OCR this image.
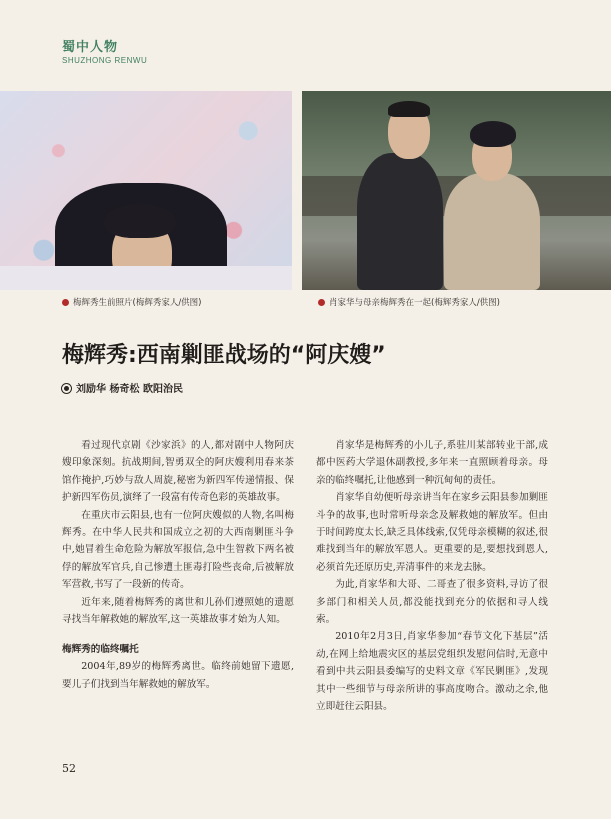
蜀中人物
SHUZHONG RENWU
梅辉秀生前照片(梅辉秀家人/供图)	肖家华与母亲梅辉秀在一起(梅辉秀家人/供图)
梅辉秀:西南剿匪战场的“阿庆嫂”
刘励华 杨奇松 欧阳治民

看过现代京剧《沙家浜》的人,都对剧中人物阿庆嫂印象深刻。抗战期间,智勇双全的阿庆嫂利用春来茶馆作掩护,巧妙与敌人周旋,秘密为新四军传递情报、保护新四军伤员,演绎了一段富有传奇色彩的英雄故事。

在重庆市云阳县,也有一位阿庆嫂似的人物,名叫梅辉秀。在中华人民共和国成立之初的大西南剿匪斗争中,她冒着生命危险为解放军报信,急中生智救下两名被俘的解放军官兵,自己惨遭土匪毒打险些丧命,后被解放军营救,书写了一段新的传奇。

近年来,随着梅辉秀的离世和儿孙们遵照她的遗愿寻找当年解救她的解放军,这一英雄故事才始为人知。

梅辉秀的临终嘱托

2004年,89岁的梅辉秀离世。临终前她留下遗愿,要儿子们找到当年解救她的解放军。

肖家华是梅辉秀的小儿子,系驻川某部转业干部,成都中医药大学退休副教授,多年来一直照顾着母亲。母亲的临终嘱托,让他感到一种沉甸甸的责任。

肖家华自幼便听母亲讲当年在家乡云阳县参加剿匪斗争的故事,也时常听母亲念及解救她的解放军。但由于时间跨度太长,缺乏具体线索,仅凭母亲模糊的叙述,很难找到当年的解放军恩人。更重要的是,要想找到恩人,必须首先还原历史,弄清事件的来龙去脉。

为此,肖家华和大哥、二哥查了很多资料,寻访了很多部门和相关人员,都没能找到充分的依据和寻人线索。

2010年2月3日,肖家华参加“春节文化下基层”活动,在网上给地震灾区的基层党组织发慰问信时,无意中看到中共云阳县委编写的史料文章《军民剿匪》,发现其中一些细节与母亲所讲的事高度吻合。激动之余,他立即赶往云阳县。

52
